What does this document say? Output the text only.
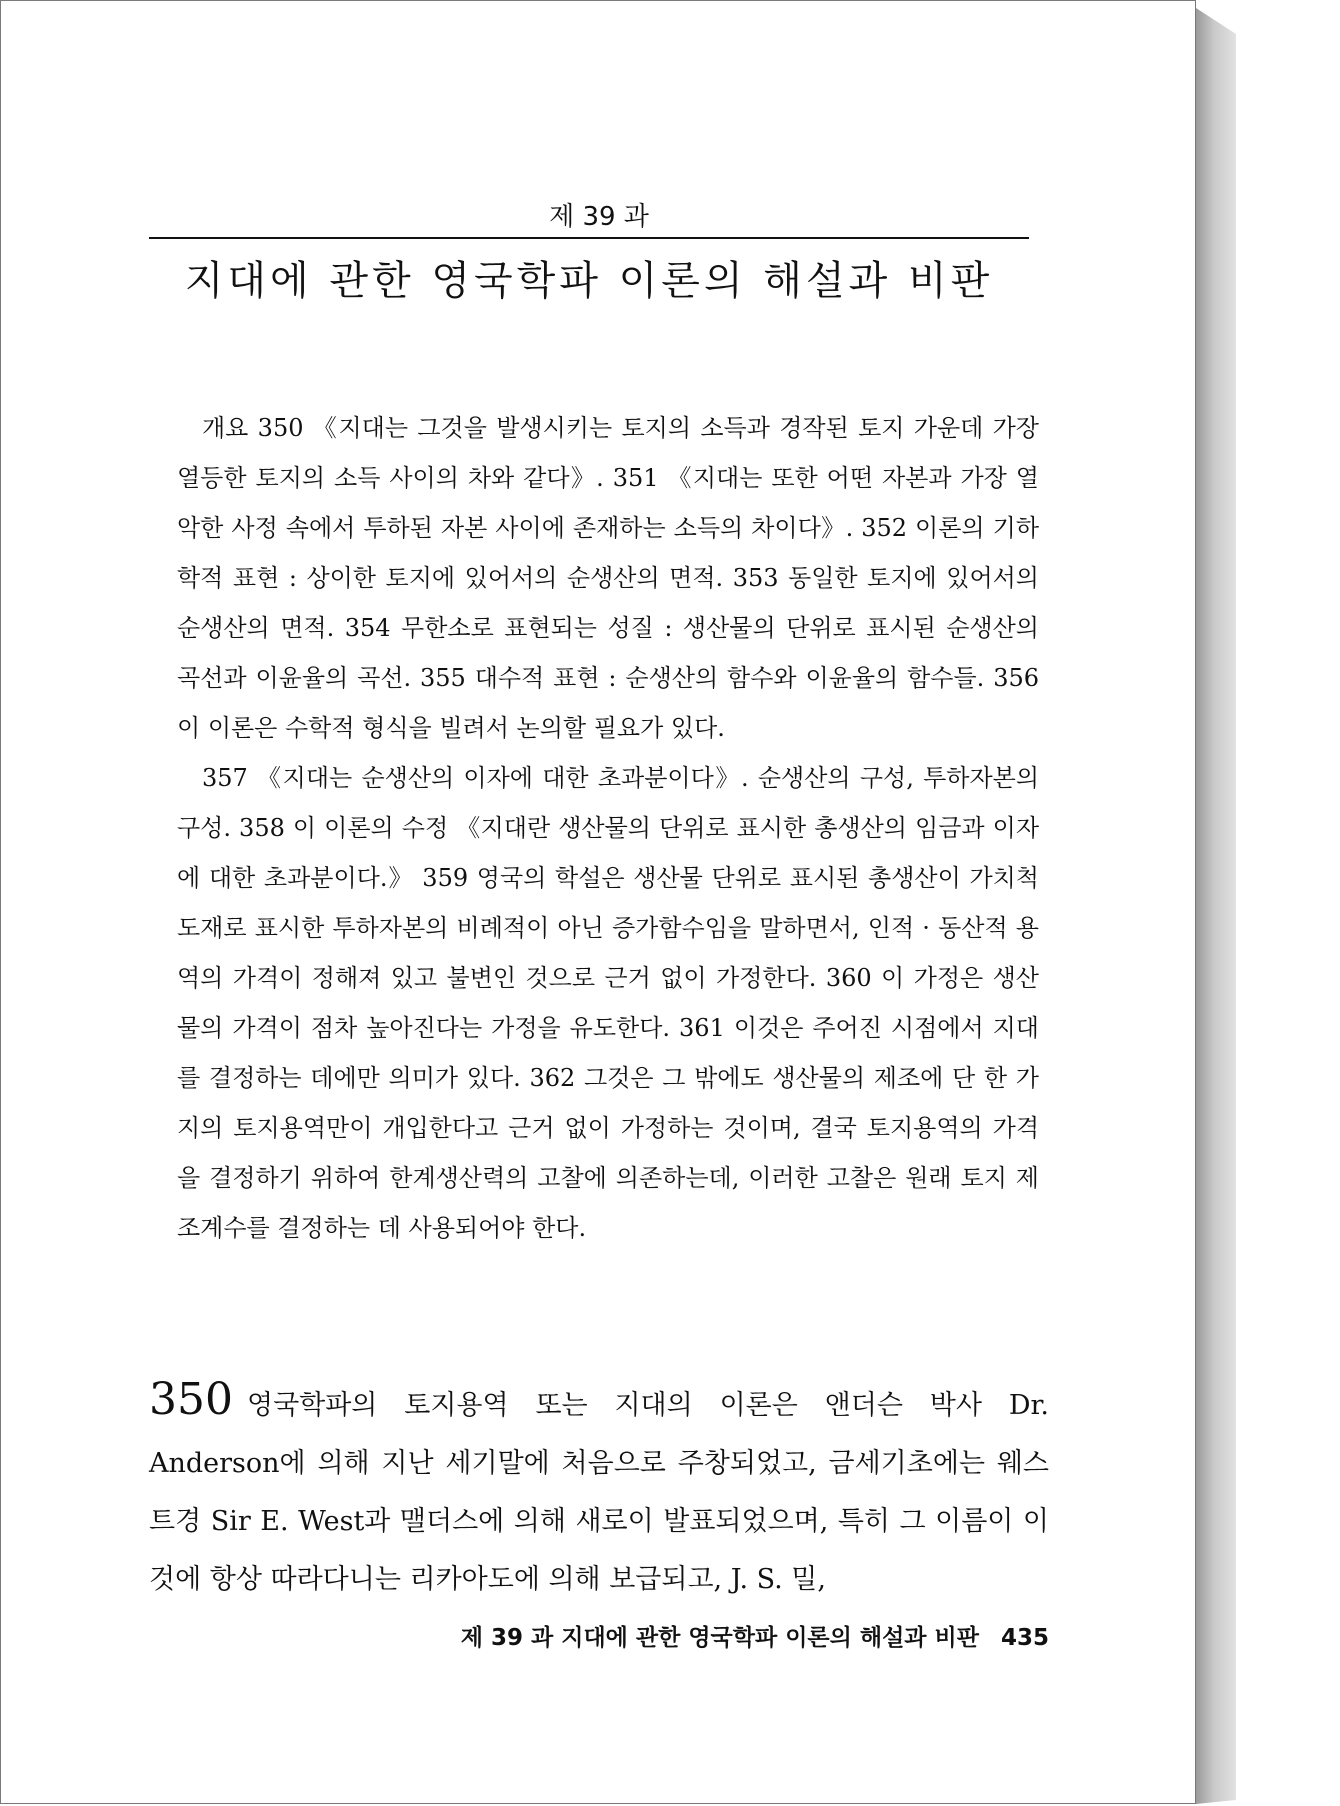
제 39 과
지대에 관한 영국학파 이론의 해설과 비판

개요 350 《지대는 그것을 발생시키는 토지의 소득과 경작된 토지 가운데 가장 열등한 토지의 소득 사이의 차와 같다》. 351 《지대는 또한 어떤 자본과 가장 열악한 사정 속에서 투하된 자본 사이에 존재하는 소득의 차이다》. 352 이론의 기하학적 표현 : 상이한 토지에 있어서의 순생산의 면적. 353 동일한 토지에 있어서의 순생산의 면적. 354 무한소로 표현되는 성질 : 생산물의 단위로 표시된 순생산의 곡선과 이윤율의 곡선. 355 대수적 표현 : 순생산의 함수와 이윤율의 함수들. 356 이 이론은 수학적 형식을 빌려서 논의할 필요가 있다.

357 《지대는 순생산의 이자에 대한 초과분이다》. 순생산의 구성, 투하자본의 구성. 358 이 이론의 수정 《지대란 생산물의 단위로 표시한 총생산의 임금과 이자에 대한 초과분이다.》 359 영국의 학설은 생산물 단위로 표시된 총생산이 가치척도재로 표시한 투하자본의 비례적이 아닌 증가함수임을 말하면서, 인적 · 동산적 용역의 가격이 정해져 있고 불변인 것으로 근거 없이 가정한다. 360 이 가정은 생산물의 가격이 점차 높아진다는 가정을 유도한다. 361 이것은 주어진 시점에서 지대를 결정하는 데에만 의미가 있다. 362 그것은 그 밖에도 생산물의 제조에 단 한 가지의 토지용역만이 개입한다고 근거 없이 가정하는 것이며, 결국 토지용역의 가격을 결정하기 위하여 한계생산력의 고찰에 의존하는데, 이러한 고찰은 원래 토지 제조계수를 결정하는 데 사용되어야 한다.

350 영국학파의 토지용역 또는 지대의 이론은 앤더슨 박사 Dr. Anderson에 의해 지난 세기말에 처음으로 주창되었고, 금세기초에는 웨스트경 Sir E. West과 맬더스에 의해 새로이 발표되었으며, 특히 그 이름이 이것에 항상 따라다니는 리카아도에 의해 보급되고, J. S. 밀,

제 39 과 지대에 관한 영국학파 이론의 해설과 비판 435
